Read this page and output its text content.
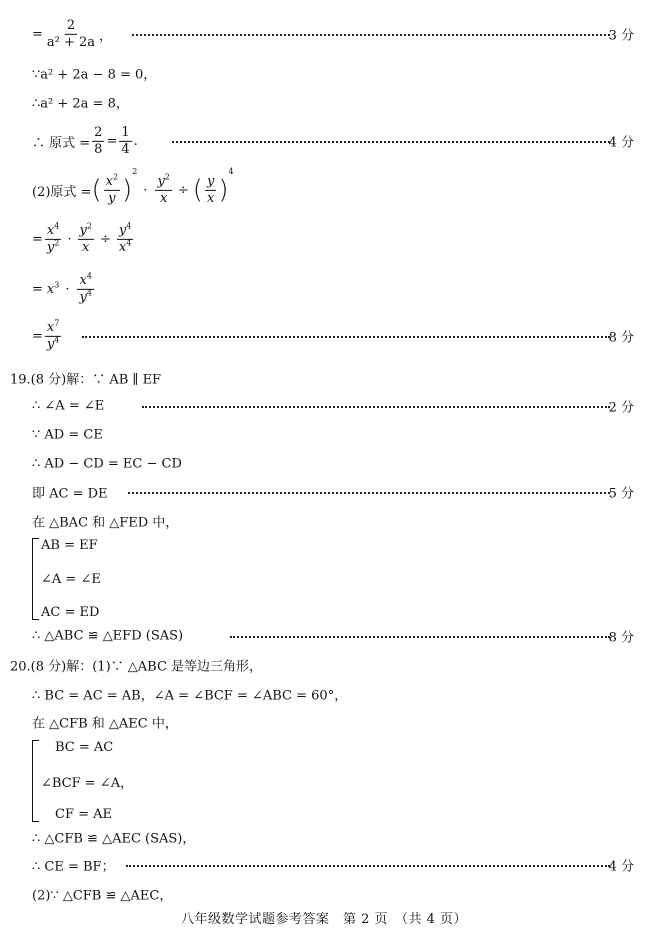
= $\frac{2}{\text{a² + 2a}}$ ，	3 分
∵a² + 2a − 8 = 0，
∴a² + 2a = 8，
∴ 原式 = $\frac{2}{8} = \frac{1}{4}$ .	4 分
(2)原式 = ( $\frac{x^2}{y}$ )
2
· $\frac{y^2}{x}$ ÷ ( $\frac{y}{x}$ )
4
= $\frac{x^4}{y^2} \cdot \frac{y^2}{x} \div \frac{y^4}{x^4}$
= $x^3 \cdot \frac{x^4}{y^4}$
= $\frac{x^7}{y^4}$	8 分
19.(8 分)解：∵ AB ∥ EF
∴ ∠A = ∠E	2 分
∵ AD = CE
∴ AD − CD = EC − CD
即 AC = DE	5 分
在 △BAC 和 △FED 中，
AB = EF
∠A = ∠E
AC = ED
∴ △ABC ≌ △EFD (SAS)	8 分
20.(8 分)解：(1)∵ △ABC 是等边三角形，
∴ BC = AC = AB，∠A = ∠BCF = ∠ABC = 60°，
在 △CFB 和 △AEC 中，
BC = AC
∠BCF = ∠A，
CF = AE
∴ △CFB ≌ △AEC (SAS)，
∴ CE = BF；	4 分
(2)∵ △CFB ≌ △AEC，
八年级数学试题参考答案　第 2 页　（共 4 页）
